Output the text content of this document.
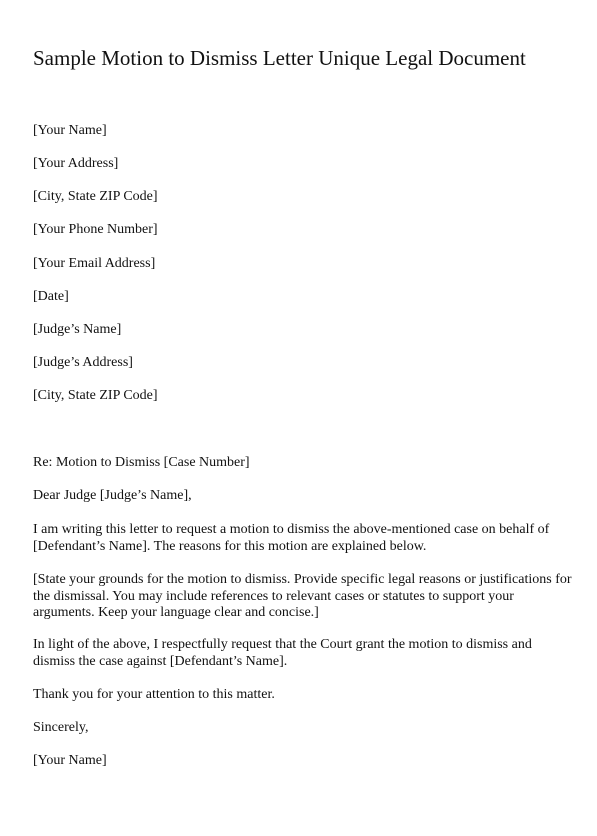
Sample Motion to Dismiss Letter Unique Legal Document

[Your Name]

[Your Address]

[City, State ZIP Code]

[Your Phone Number]

[Your Email Address]

[Date]

[Judge’s Name]

[Judge’s Address]

[City, State ZIP Code]

Re: Motion to Dismiss [Case Number]

Dear Judge [Judge’s Name],

I am writing this letter to request a motion to dismiss the above-mentioned case on behalf of [Defendant’s Name]. The reasons for this motion are explained below.

[State your grounds for the motion to dismiss. Provide specific legal reasons or justifications for the dismissal. You may include references to relevant cases or statutes to support your arguments. Keep your language clear and concise.]

In light of the above, I respectfully request that the Court grant the motion to dismiss and dismiss the case against [Defendant’s Name].

Thank you for your attention to this matter.

Sincerely,

[Your Name]
